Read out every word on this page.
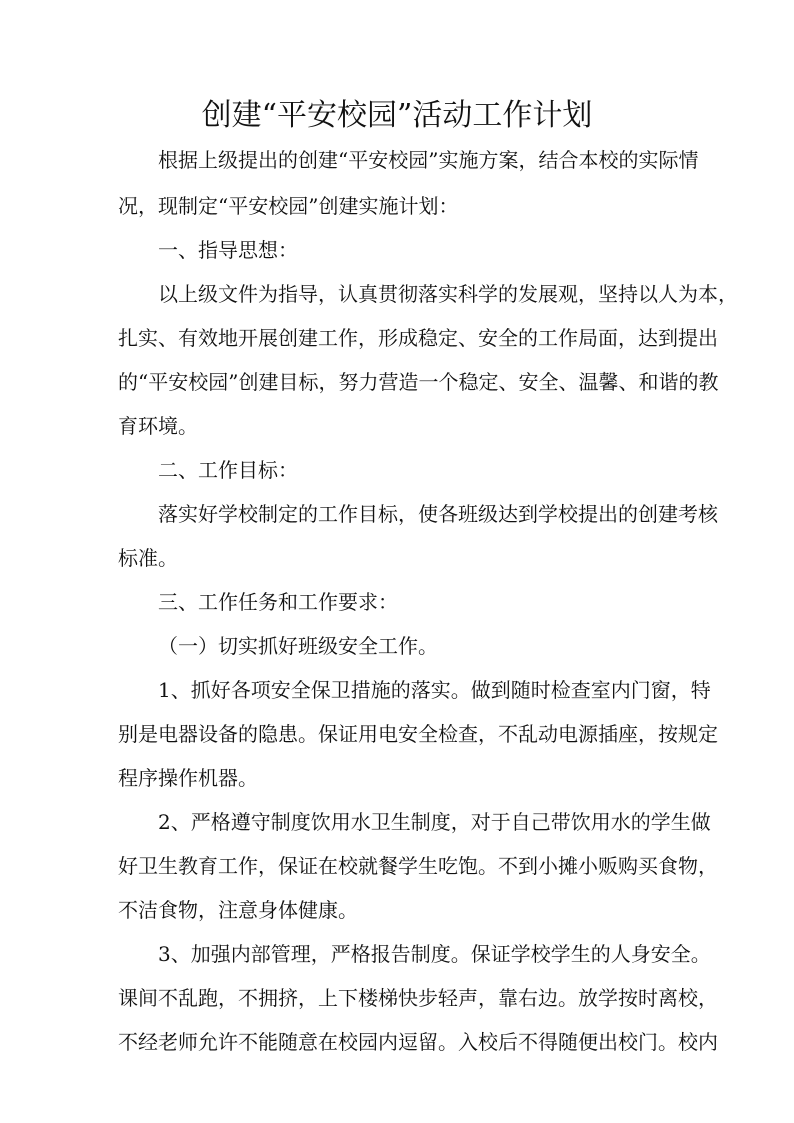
创建“平安校园”活动工作计划
根据上级提出的创建“平安校园”实施方案，结合本校的实际情
况，现制定“平安校园”创建实施计划：
一、指导思想：
以上级文件为指导，认真贯彻落实科学的发展观，坚持以人为本，
扎实、有效地开展创建工作，形成稳定、安全的工作局面，达到提出
的“平安校园”创建目标，努力营造一个稳定、安全、温馨、和谐的教
育环境。
二、工作目标：
落实好学校制定的工作目标，使各班级达到学校提出的创建考核
标准。
三、工作任务和工作要求：
（一）切实抓好班级安全工作。
1、抓好各项安全保卫措施的落实。做到随时检查室内门窗，特
别是电器设备的隐患。保证用电安全检查，不乱动电源插座，按规定
程序操作机器。
2、严格遵守制度饮用水卫生制度，对于自己带饮用水的学生做
好卫生教育工作，保证在校就餐学生吃饱。不到小摊小贩购买食物，
不洁食物，注意身体健康。
3、加强内部管理，严格报告制度。保证学校学生的人身安全。
课间不乱跑，不拥挤，上下楼梯快步轻声，靠右边。放学按时离校，
不经老师允许不能随意在校园内逗留。入校后不得随便出校门。校内
